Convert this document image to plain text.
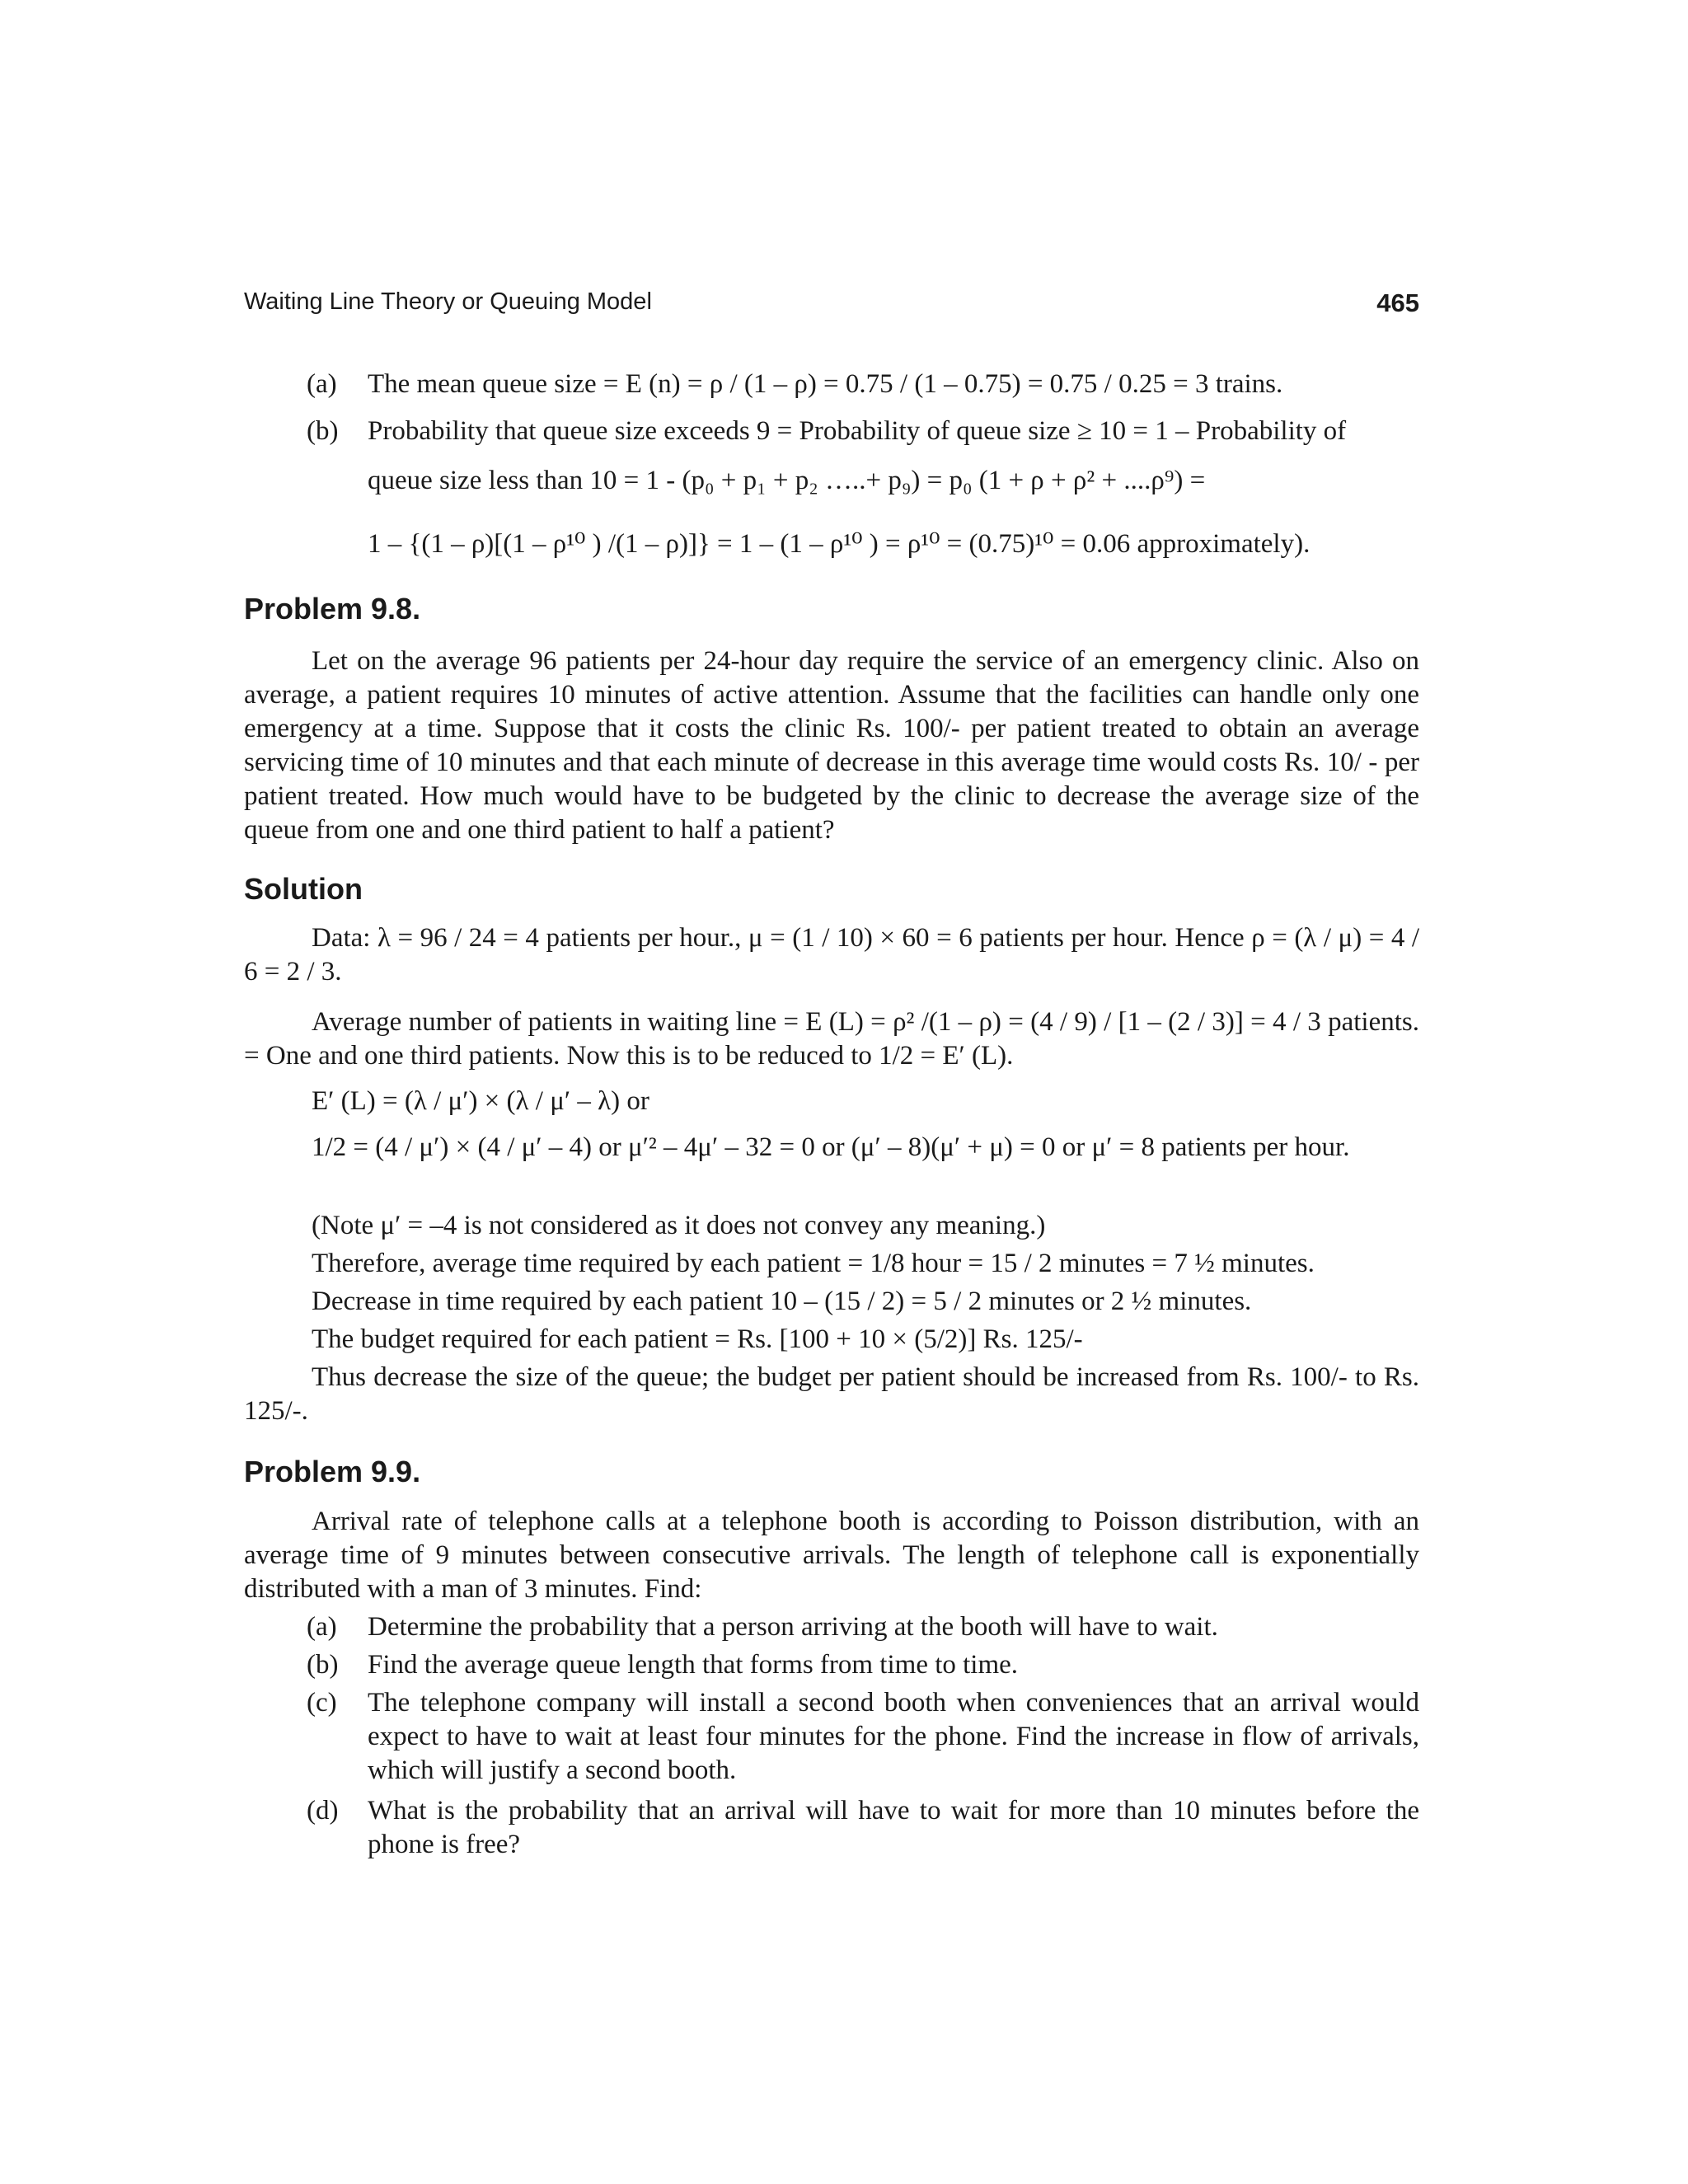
Waiting Line Theory or Queuing Model	465
(a) The mean queue size = E (n) = ρ / (1 – ρ) = 0.75 / (1 – 0.75) = 0.75 / 0.25 = 3 trains.
(b) Probability that queue size exceeds 9 = Probability of queue size ≥ 10 = 1 – Probability of
queue size less than 10 = 1 - (p₀ + p₁ + p₂ …..+ p₉) = p₀ (1 + ρ + ρ² + ....ρ⁹) =
1 – {(1 – ρ)[(1 – ρ¹⁰ ) /(1 – ρ)]} = 1 – (1 – ρ¹⁰ ) = ρ¹⁰ = (0.75)¹⁰ = 0.06 approximately).
Problem 9.8.
Let on the average 96 patients per 24-hour day require the service of an emergency clinic. Also on average, a patient requires 10 minutes of active attention. Assume that the facilities can handle only one emergency at a time. Suppose that it costs the clinic Rs. 100/- per patient treated to obtain an average servicing time of 10 minutes and that each minute of decrease in this average time would costs Rs. 10/ - per patient treated. How much would have to be budgeted by the clinic to decrease the average size of the queue from one and one third patient to half a patient?
Solution
Data: λ = 96 / 24 = 4 patients per hour., μ = (1 / 10) × 60 = 6 patients per hour. Hence ρ = (λ / μ) = 4 / 6 = 2 / 3.
Average number of patients in waiting line = E (L) = ρ² /(1 – ρ) = (4 / 9) / [1 – (2 / 3)] = 4 / 3 patients. = One and one third patients. Now this is to be reduced to 1/2 = E′ (L).
E′ (L) = (λ / μ′) × (λ / μ′ – λ) or
1/2 = (4 / μ′) × (4 / μ′ – 4) or μ′² – 4μ′ – 32 = 0 or (μ′ – 8)(μ′ + μ) = 0 or μ′ = 8 patients per hour.
(Note μ′ = –4 is not considered as it does not convey any meaning.)
Therefore, average time required by each patient = 1/8 hour = 15 / 2 minutes = 7 ½ minutes.
Decrease in time required by each patient 10 – (15 / 2) = 5 / 2 minutes or 2 ½ minutes.
The budget required for each patient = Rs. [100 + 10 × (5/2)] Rs. 125/-
Thus decrease the size of the queue; the budget per patient should be increased from Rs. 100/- to Rs. 125/-.
Problem 9.9.
Arrival rate of telephone calls at a telephone booth is according to Poisson distribution, with an average time of 9 minutes between consecutive arrivals. The length of telephone call is exponentially distributed with a man of 3 minutes. Find:
(a) Determine the probability that a person arriving at the booth will have to wait.
(b) Find the average queue length that forms from time to time.
(c) The telephone company will install a second booth when conveniences that an arrival would expect to have to wait at least four minutes for the phone. Find the increase in flow of arrivals, which will justify a second booth.
(d) What is the probability that an arrival will have to wait for more than 10 minutes before the phone is free?
